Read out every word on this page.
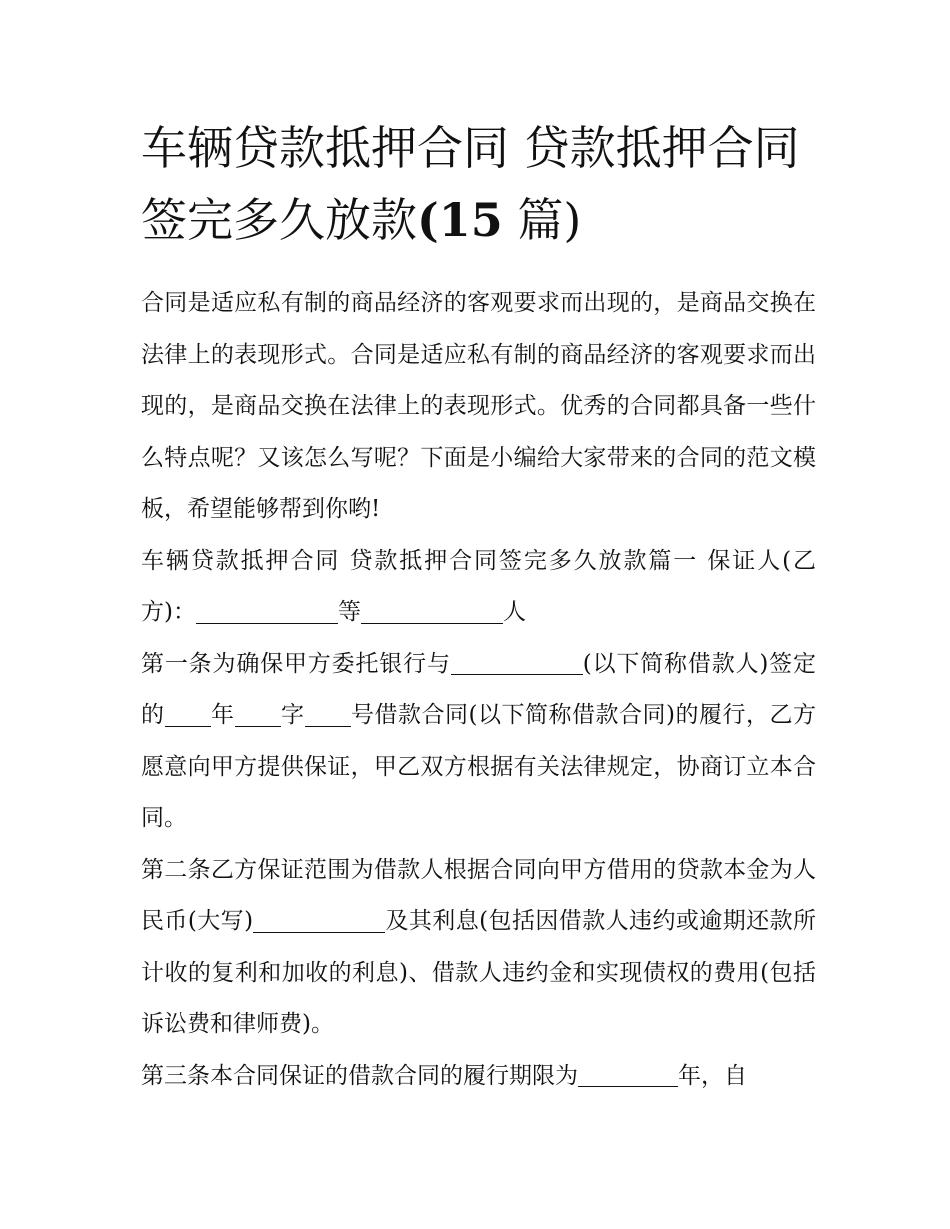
车辆贷款抵押合同 贷款抵押合同签完多久放款(15 篇)

合同是适应私有制的商品经济的客观要求而出现的，是商品交换在法律上的表现形式。合同是适应私有制的商品经济的客观要求而出现的，是商品交换在法律上的表现形式。优秀的合同都具备一些什么特点呢？又该怎么写呢？下面是小编给大家带来的合同的范文模板，希望能够帮到你哟!

车辆贷款抵押合同 贷款抵押合同签完多久放款篇一 保证人(乙方)：	等	人

第一条为确保甲方委托银行与	(以下简称借款人)签定的 年 字 号借款合同(以下简称借款合同)的履行，乙方愿意向甲方提供保证，甲乙双方根据有关法律规定，协商订立本合同。

第二条乙方保证范围为借款人根据合同向甲方借用的贷款本金为人民币(大写)	及其利息(包括因借款人违约或逾期还款所计收的复利和加收的利息)、借款人违约金和实现债权的费用(包括诉讼费和律师费)。

第三条本合同保证的借款合同的履行期限为	年，自
